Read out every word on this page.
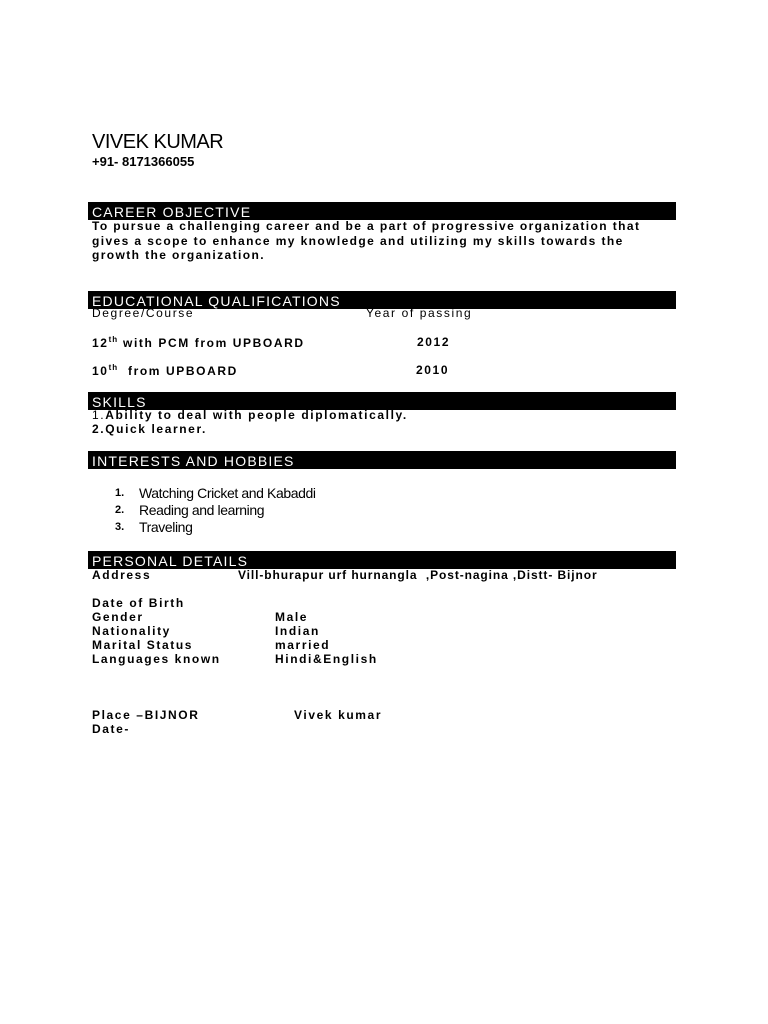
VIVEK KUMAR
+91- 8171366055
CAREER OBJECTIVE
To pursue a challenging career and be a part of progressive organization that
gives a scope to enhance my knowledge and utilizing my skills towards the
growth the organization.
EDUCATIONAL QUALIFICATIONS
Degree/Course	Year of passing
12th with PCM from UPBOARD	2012
10th  from UPBOARD	2010
SKILLS
1.Ability to deal with people diplomatically.
2.Quick learner.
INTERESTS AND HOBBIES
1. Watching Cricket and Kabaddi
2. Reading and learning
3. Traveling
PERSONAL DETAILS
Address	Vill-bhurapur urf hurnangla  ,Post-nagina ,Distt- Bijnor
Date of Birth
Gender	Male
Nationality	Indian
Marital Status	married
Languages known	Hindi&English
Place –BIJNOR	Vivek kumar
Date-
